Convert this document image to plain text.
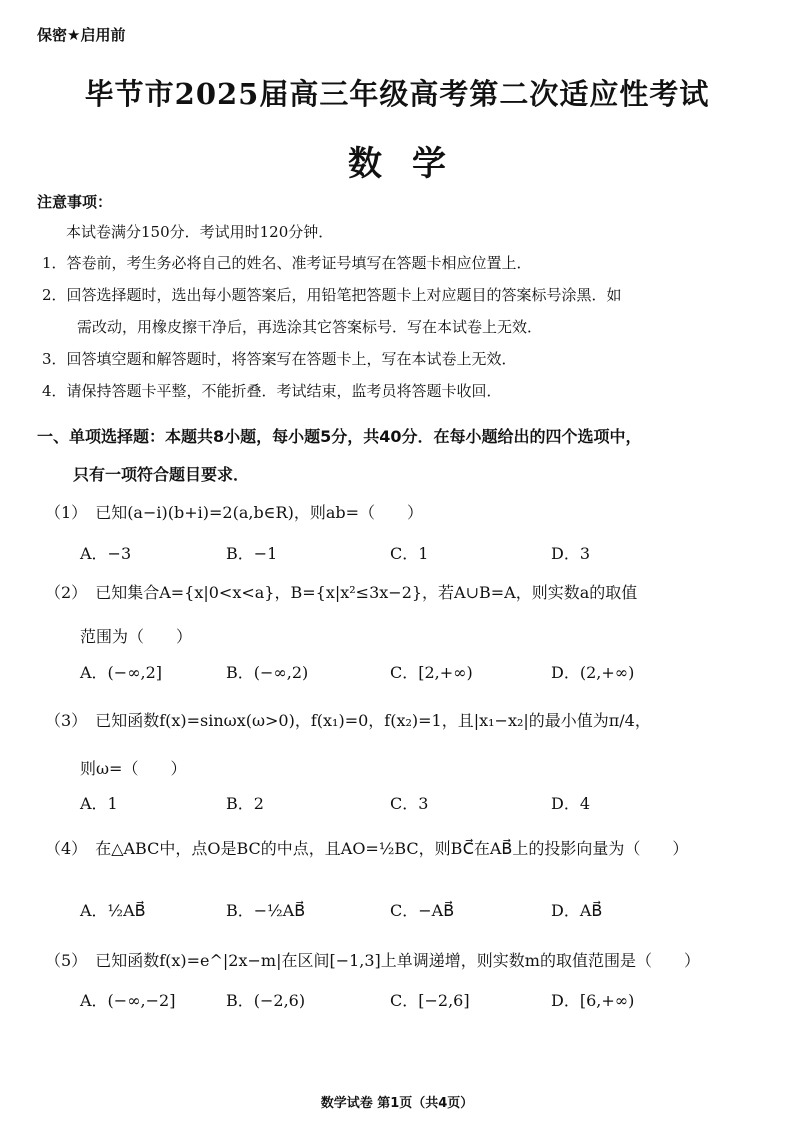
保密★启用前
毕节市2025届高三年级高考第二次适应性考试
数学
注意事项：
本试卷满分150分．考试用时120分钟．
1．答卷前，考生务必将自己的姓名、准考证号填写在答题卡相应位置上．
2．回答选择题时，选出每小题答案后，用铅笔把答题卡上对应题目的答案标号涂黑．如
需改动，用橡皮擦干净后，再选涂其它答案标号．写在本试卷上无效．
3．回答填空题和解答题时，将答案写在答题卡上，写在本试卷上无效．
4．请保持答题卡平整，不能折叠．考试结束，监考员将答题卡收回．
一、单项选择题：本题共8小题，每小题5分，共40分．在每小题给出的四个选项中，
只有一项符合题目要求．
（1） 已知(a−i)(b+i)=2(a,b∈R)，则ab=（　　）
A．−3	B．−1	C．1	D．3
（2） 已知集合A={x|0<x<a}，B={x|x²≤3x−2}，若A∪B=A，则实数a的取值
范围为（　　）
A．(−∞,2]	B．(−∞,2)	C．[2,+∞)	D．(2,+∞)
（3） 已知函数f(x)=sinωx(ω>0)，f(x₁)=0，f(x₂)=1，且|x₁−x₂|的最小值为π/4，
则ω=（　　）
A．1	B．2	C．3	D．4
（4） 在△ABC中，点O是BC的中点，且AO=½BC，则BC⃗在AB⃗上的投影向量为（　　）
A．½AB⃗	B．−½AB⃗	C．−AB⃗	D．AB⃗
（5） 已知函数f(x)=e^|2x−m|在区间[−1,3]上单调递增，则实数m的取值范围是（　　）
A．(−∞,−2]	B．(−2,6)	C．[−2,6]	D．[6,+∞)
数学试卷 第1页（共4页）
